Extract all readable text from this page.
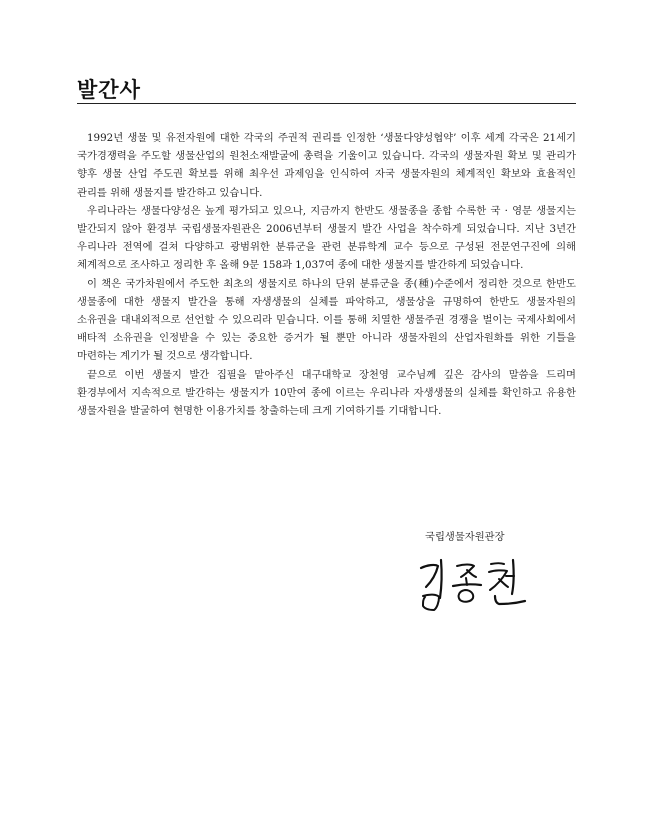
발간사

1992년 생물 및 유전자원에 대한 각국의 주권적 권리를 인정한 ‘생물다양성협약’ 이후 세계 각국은 21세기 국가경쟁력을 주도할 생물산업의 원천소재발굴에 총력을 기울이고 있습니다. 각국의 생물자원 확보 및 관리가 향후 생물 산업 주도권 확보를 위해 최우선 과제임을 인식하여 자국 생물자원의 체계적인 확보와 효율적인 관리를 위해 생물지를 발간하고 있습니다.

우리나라는 생물다양성은 높게 평가되고 있으나, 지금까지 한반도 생물종을 종합 수록한 국 · 영문 생물지는 발간되지 않아 환경부 국립생물자원관은 2006년부터 생물지 발간 사업을 착수하게 되었습니다. 지난 3년간 우리나라 전역에 걸쳐 다양하고 광범위한 분류군을 관련 분류학계 교수 등으로 구성된 전문연구진에 의해 체계적으로 조사하고 정리한 후 올해 9문 158과 1,037여 종에 대한 생물지를 발간하게 되었습니다.

이 책은 국가차원에서 주도한 최초의 생물지로 하나의 단위 분류군을 종(種)수준에서 정리한 것으로 한반도 생물종에 대한 생물지 발간을 통해 자생생물의 실체를 파악하고, 생물상을 규명하여 한반도 생물자원의 소유권을 대내외적으로 선언할 수 있으리라 믿습니다. 이를 통해 치열한 생물주권 경쟁을 벌이는 국제사회에서 배타적 소유권을 인정받을 수 있는 중요한 증거가 될 뿐만 아니라 생물자원의 산업자원화를 위한 기틀을 마련하는 계기가 될 것으로 생각합니다.

끝으로 이번 생물지 발간 집필을 맡아주신 대구대학교 장천영 교수님께 깊은 감사의 말씀을 드리며 환경부에서 지속적으로 발간하는 생물지가 10만여 종에 이르는 우리나라 자생생물의 실체를 확인하고 유용한 생물자원을 발굴하여 현명한 이용가치를 창출하는데 크게 기여하기를 기대합니다.

국립생물자원관장
